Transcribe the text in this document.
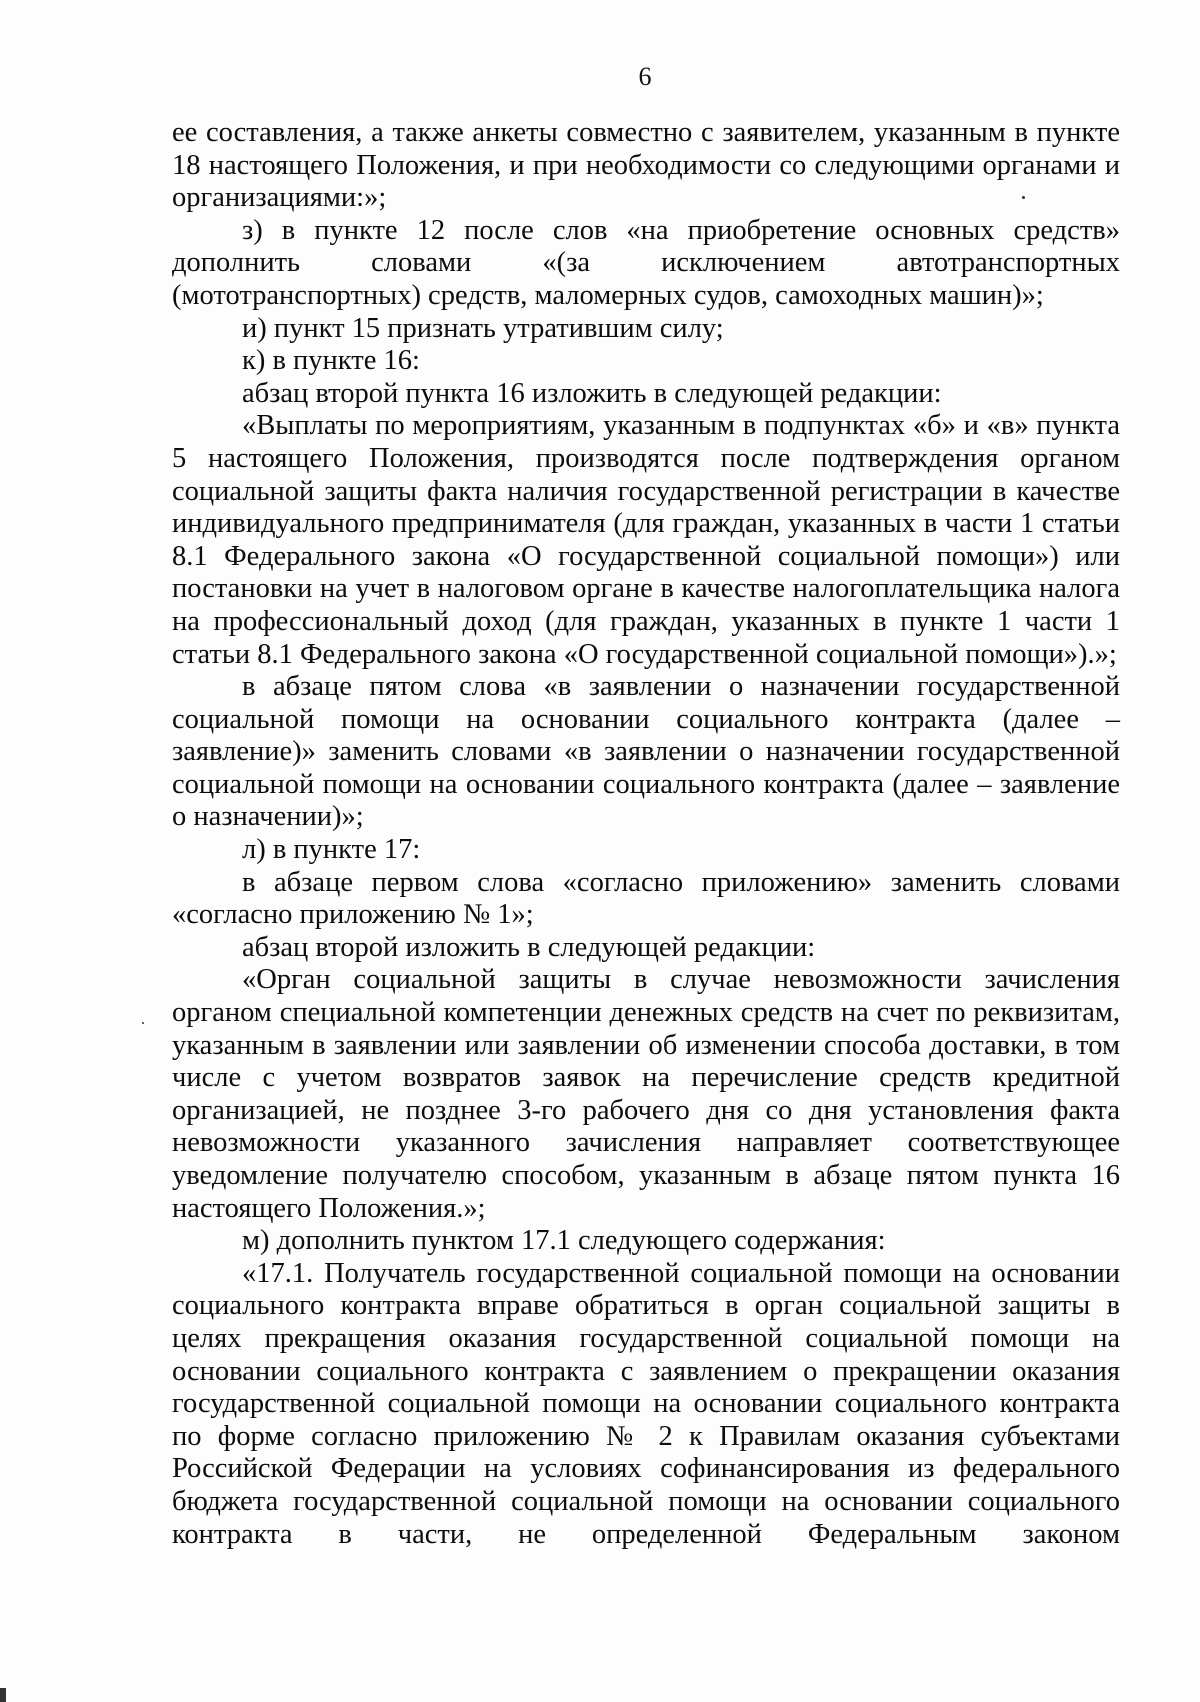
6

ее составления, а также анкеты совместно с заявителем, указанным в пункте 18 настоящего Положения, и при необходимости со следующими органами и организациями:»;

з) в пункте 12 после слов «на приобретение основных средств» дополнить словами «(за исключением автотранспортных (мототранспортных) средств, маломерных судов, самоходных машин)»;

и) пункт 15 признать утратившим силу;

к) в пункте 16:

абзац второй пункта 16 изложить в следующей редакции:

«Выплаты по мероприятиям, указанным в подпунктах «б» и «в» пункта 5 настоящего Положения, производятся после подтверждения органом социальной защиты факта наличия государственной регистрации в качестве индивидуального предпринимателя (для граждан, указанных в части 1 статьи 8.1 Федерального закона «О государственной социальной помощи») или постановки на учет в налоговом органе в качестве налогоплательщика налога на профессиональный доход (для граждан, указанных в пункте 1 части 1 статьи 8.1 Федерального закона «О государственной социальной помощи»).»;

в абзаце пятом слова «в заявлении о назначении государственной социальной помощи на основании социального контракта (далее – заявление)» заменить словами «в заявлении о назначении государственной социальной помощи на основании социального контракта (далее – заявление о назначении)»;

л) в пункте 17:

в абзаце первом слова «согласно приложению» заменить словами «согласно приложению № 1»;

абзац второй изложить в следующей редакции:

«Орган социальной защиты в случае невозможности зачисления органом специальной компетенции денежных средств на счет по реквизитам, указанным в заявлении или заявлении об изменении способа доставки, в том числе с учетом возвратов заявок на перечисление средств кредитной организацией, не позднее 3-го рабочего дня со дня установления факта невозможности указанного зачисления направляет соответствующее уведомление получателю способом, указанным в абзаце пятом пункта 16 настоящего Положения.»;

м) дополнить пунктом 17.1 следующего содержания:

«17.1. Получатель государственной социальной помощи на основании социального контракта вправе обратиться в орган социальной защиты в целях прекращения оказания государственной социальной помощи на основании социального контракта с заявлением о прекращении оказания государственной социальной помощи на основании социального контракта по форме согласно приложению № 2 к Правилам оказания субъектами Российской Федерации на условиях софинансирования из федерального бюджета государственной социальной помощи на основании социального контракта в части, не определенной Федеральным законом
